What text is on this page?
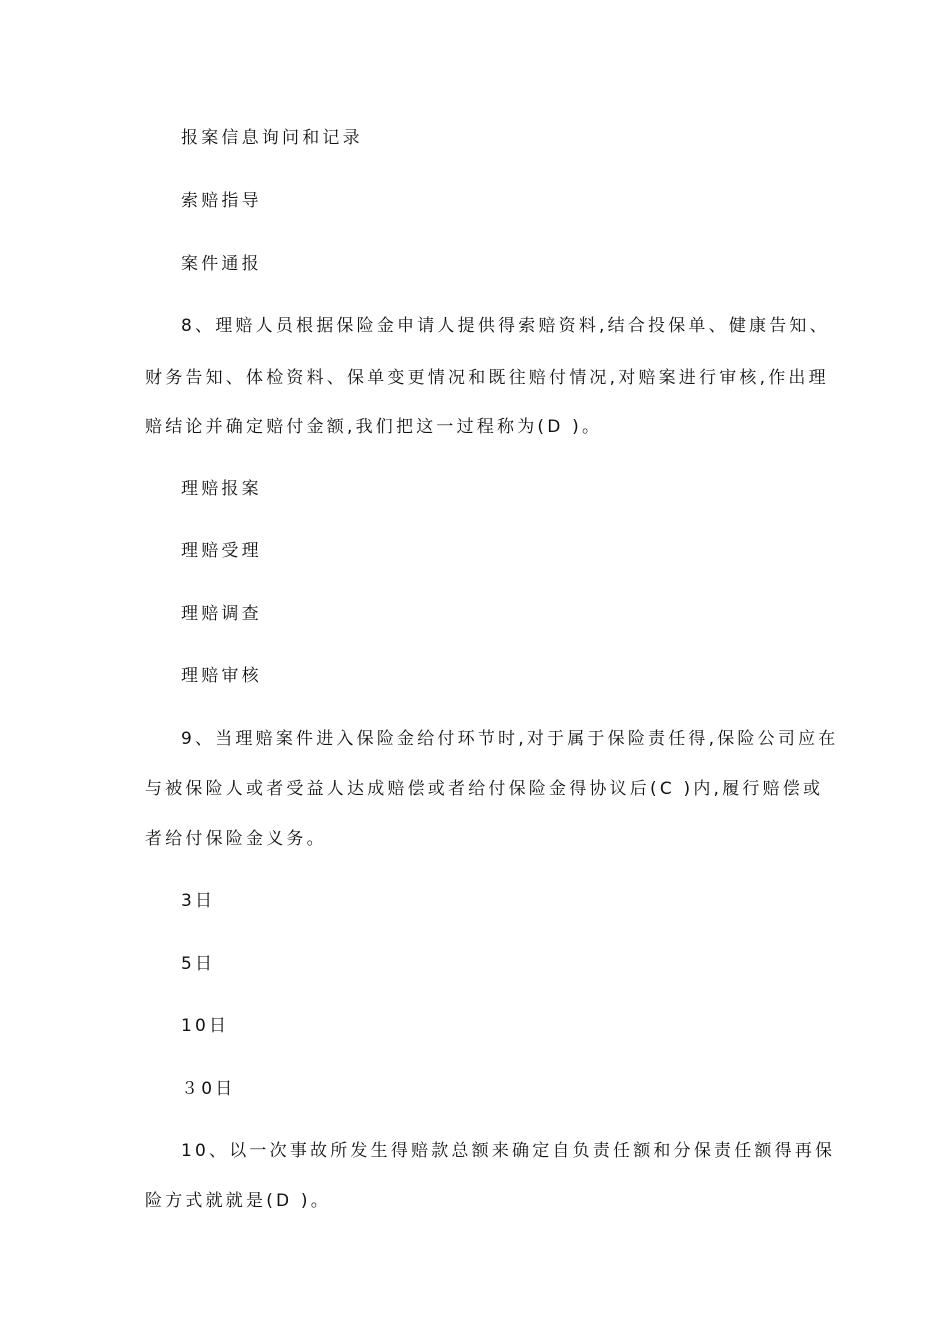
报案信息询问和记录
索赔指导
案件通报
8、理赔人员根据保险金申请人提供得索赔资料,结合投保单、健康告知、
财务告知、体检资料、保单变更情况和既往赔付情况,对赔案进行审核,作出理
赔结论并确定赔付金额,我们把这一过程称为(D )。
理赔报案
理赔受理
理赔调查
理赔审核
9、当理赔案件进入保险金给付环节时,对于属于保险责任得,保险公司应在
与被保险人或者受益人达成赔偿或者给付保险金得协议后(C )内,履行赔偿或
者给付保险金义务。
3日
5日
10日
３0日
10、以一次事故所发生得赔款总额来确定自负责任额和分保责任额得再保
险方式就就是(D )。
